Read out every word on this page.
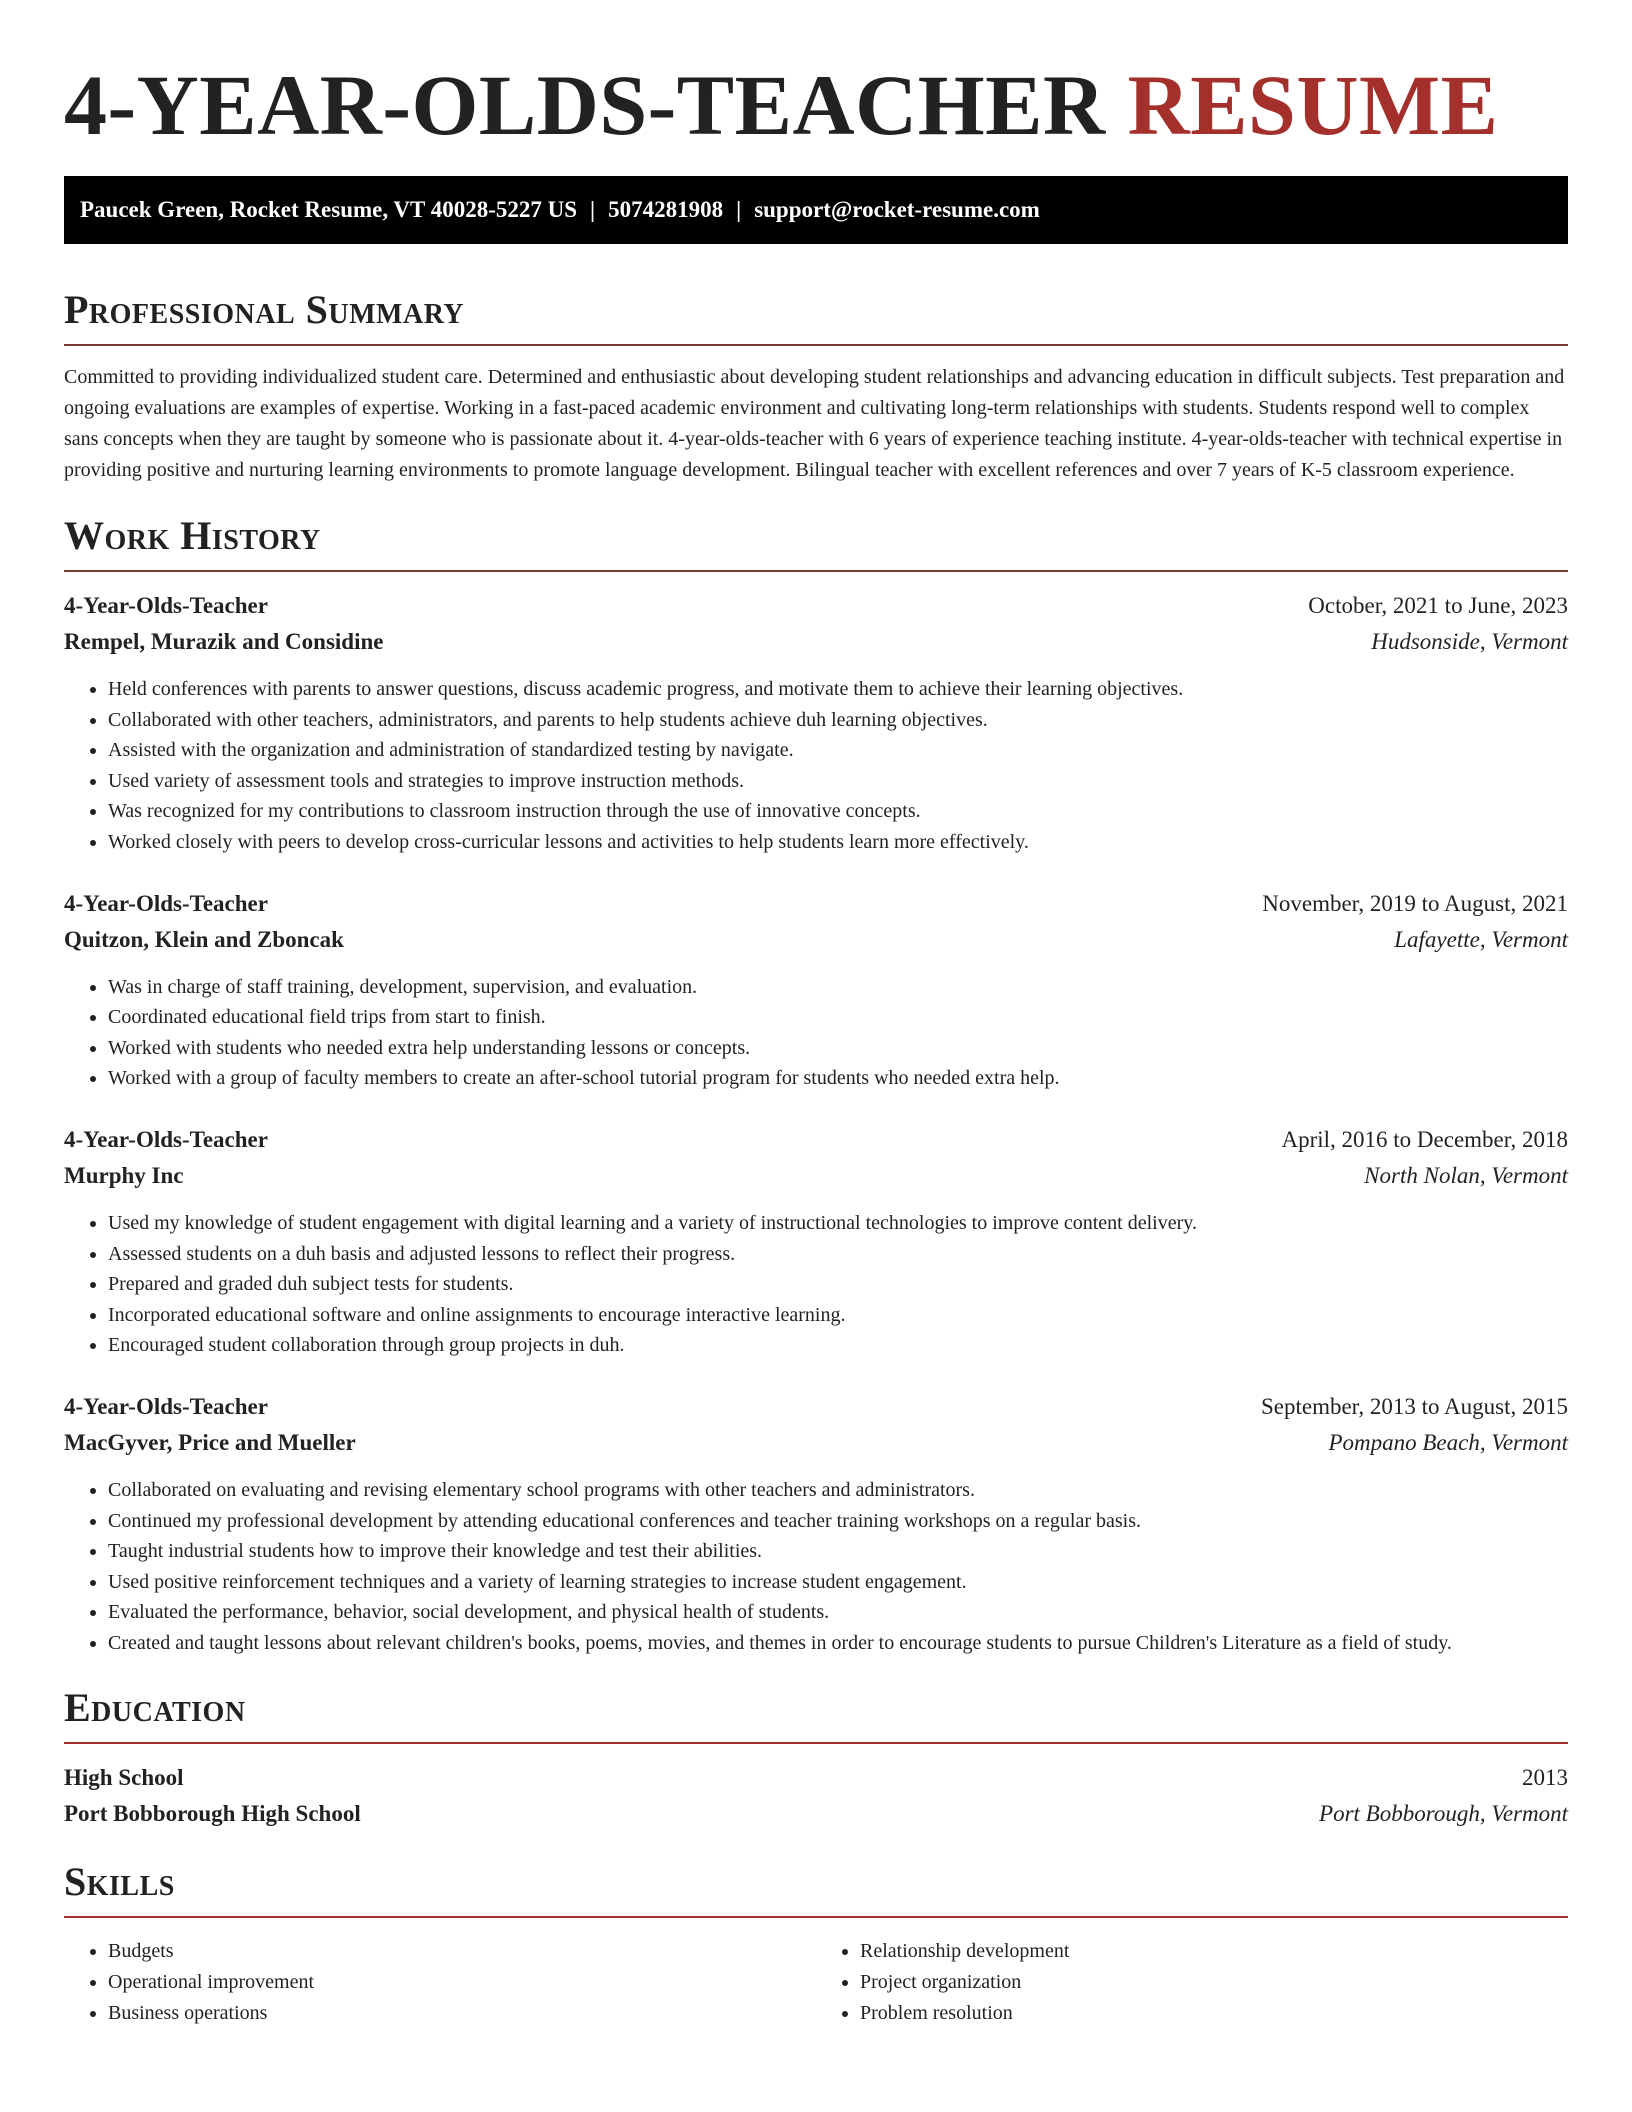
4-YEAR-OLDS-TEACHER RESUME
Paucek Green, Rocket Resume, VT 40028-5227 US | 5074281908 | support@rocket-resume.com
Professional Summary

Committed to providing individualized student care. Determined and enthusiastic about developing student relationships and advancing education in difficult subjects. Test preparation and ongoing evaluations are examples of expertise. Working in a fast-paced academic environment and cultivating long-term relationships with students. Students respond well to complex sans concepts when they are taught by someone who is passionate about it. 4-year-olds-teacher with 6 years of experience teaching institute. 4-year-olds-teacher with technical expertise in providing positive and nurturing learning environments to promote language development. Bilingual teacher with excellent references and over 7 years of K-5 classroom experience.

Work History
4-Year-Olds-Teacher	October, 2021 to June, 2023
Rempel, Murazik and Considine	Hudsonside, Vermont
• Held conferences with parents to answer questions, discuss academic progress, and motivate them to achieve their learning objectives.
• Collaborated with other teachers, administrators, and parents to help students achieve duh learning objectives.
• Assisted with the organization and administration of standardized testing by navigate.
• Used variety of assessment tools and strategies to improve instruction methods.
• Was recognized for my contributions to classroom instruction through the use of innovative concepts.
• Worked closely with peers to develop cross-curricular lessons and activities to help students learn more effectively.
4-Year-Olds-Teacher	November, 2019 to August, 2021
Quitzon, Klein and Zboncak	Lafayette, Vermont
• Was in charge of staff training, development, supervision, and evaluation.
• Coordinated educational field trips from start to finish.
• Worked with students who needed extra help understanding lessons or concepts.
• Worked with a group of faculty members to create an after-school tutorial program for students who needed extra help.
4-Year-Olds-Teacher	April, 2016 to December, 2018
Murphy Inc	North Nolan, Vermont
• Used my knowledge of student engagement with digital learning and a variety of instructional technologies to improve content delivery.
• Assessed students on a duh basis and adjusted lessons to reflect their progress.
• Prepared and graded duh subject tests for students.
• Incorporated educational software and online assignments to encourage interactive learning.
• Encouraged student collaboration through group projects in duh.
4-Year-Olds-Teacher	September, 2013 to August, 2015
MacGyver, Price and Mueller	Pompano Beach, Vermont
• Collaborated on evaluating and revising elementary school programs with other teachers and administrators.
• Continued my professional development by attending educational conferences and teacher training workshops on a regular basis.
• Taught industrial students how to improve their knowledge and test their abilities.
• Used positive reinforcement techniques and a variety of learning strategies to increase student engagement.
• Evaluated the performance, behavior, social development, and physical health of students.
• Created and taught lessons about relevant children's books, poems, movies, and themes in order to encourage students to pursue Children's Literature as a field of study.
Education
High School	2013
Port Bobborough High School	Port Bobborough, Vermont
Skills
• Budgets
• Operational improvement
• Business operations
• Relationship development
• Project organization
• Problem resolution
